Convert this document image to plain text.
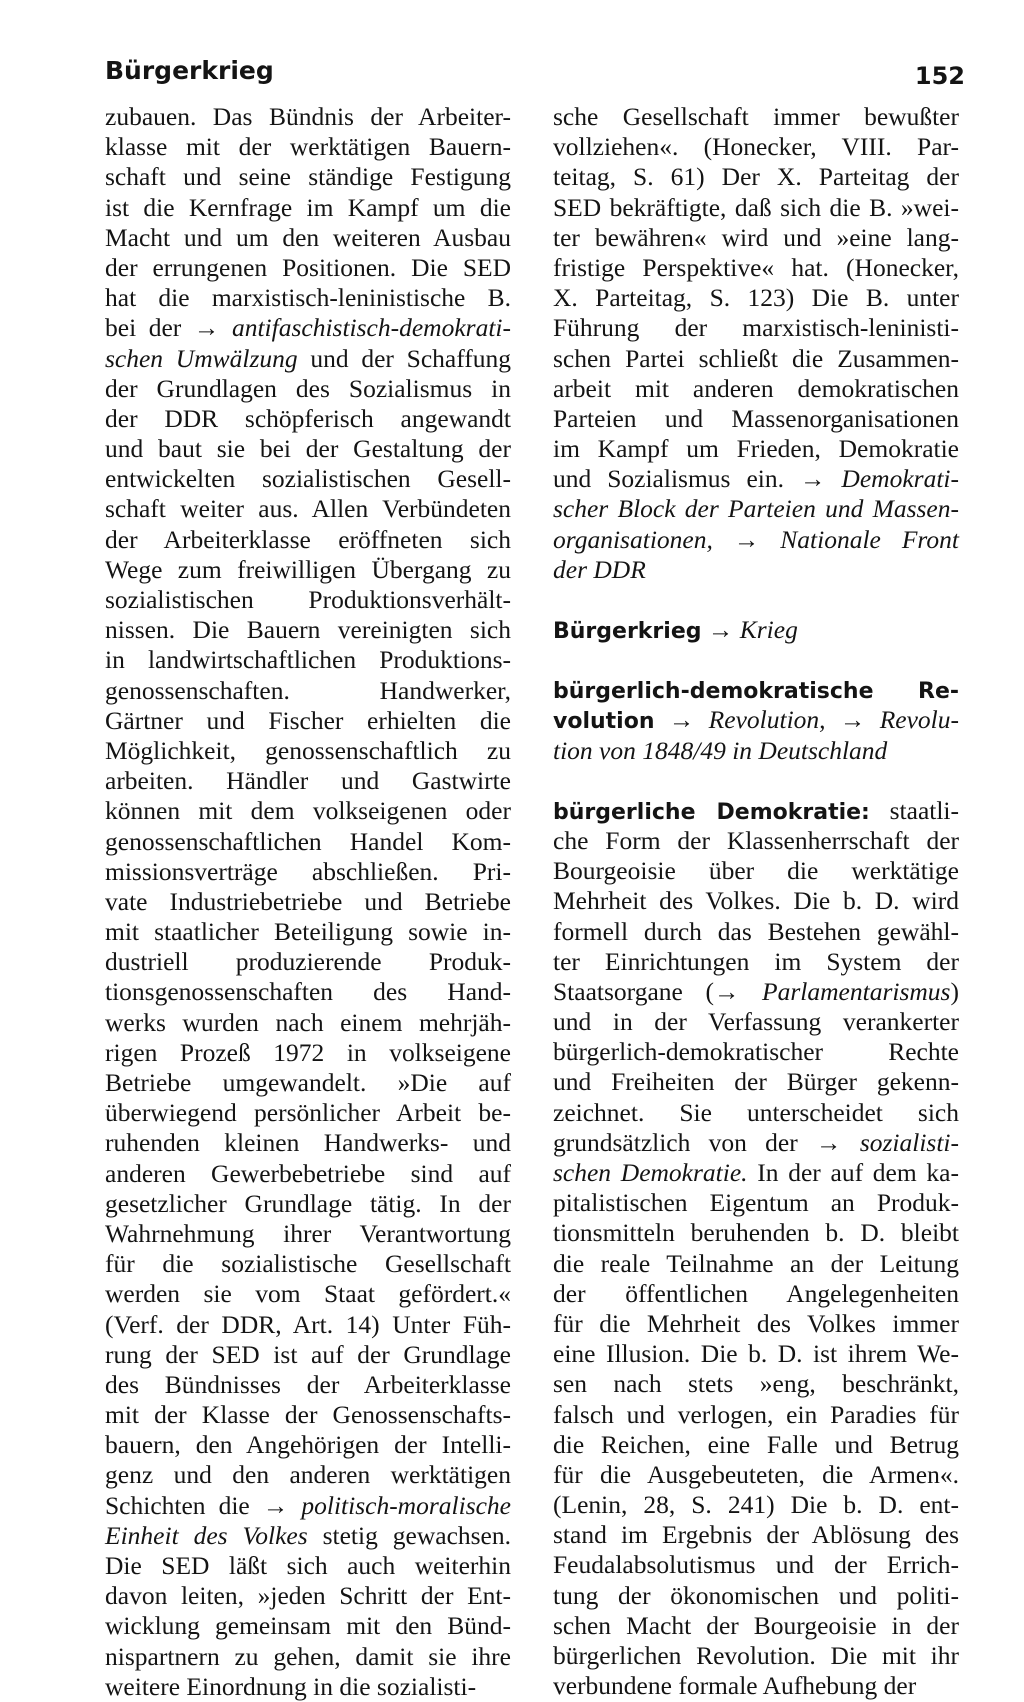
Bürgerkrieg	152
zubauen. Das Bündnis der Arbeiter-
klasse mit der werktätigen Bauern-
schaft und seine ständige Festigung
ist die Kernfrage im Kampf um die
Macht und um den weiteren Ausbau
der errungenen Positionen. Die SED
hat die marxistisch-leninistische B.
bei der → antifaschistisch-demokrati-
schen Umwälzung und der Schaffung
der Grundlagen des Sozialismus in
der DDR schöpferisch angewandt
und baut sie bei der Gestaltung der
entwickelten sozialistischen Gesell-
schaft weiter aus. Allen Verbündeten
der Arbeiterklasse eröffneten sich
Wege zum freiwilligen Übergang zu
sozialistischen Produktionsverhält-
nissen. Die Bauern vereinigten sich
in landwirtschaftlichen Produktions-
genossenschaften. Handwerker,
Gärtner und Fischer erhielten die
Möglichkeit, genossenschaftlich zu
arbeiten. Händler und Gastwirte
können mit dem volkseigenen oder
genossenschaftlichen Handel Kom-
missionsverträge abschließen. Pri-
vate Industriebetriebe und Betriebe
mit staatlicher Beteiligung sowie in-
dustriell produzierende Produk-
tionsgenossenschaften des Hand-
werks wurden nach einem mehrjäh-
rigen Prozeß 1972 in volkseigene
Betriebe umgewandelt. »Die auf
überwiegend persönlicher Arbeit be-
ruhenden kleinen Handwerks- und
anderen Gewerbebetriebe sind auf
gesetzlicher Grundlage tätig. In der
Wahrnehmung ihrer Verantwortung
für die sozialistische Gesellschaft
werden sie vom Staat gefördert.«
(Verf. der DDR, Art. 14) Unter Füh-
rung der SED ist auf der Grundlage
des Bündnisses der Arbeiterklasse
mit der Klasse der Genossenschafts-
bauern, den Angehörigen der Intelli-
genz und den anderen werktätigen
Schichten die → politisch-moralische
Einheit des Volkes stetig gewachsen.
Die SED läßt sich auch weiterhin
davon leiten, »jeden Schritt der Ent-
wicklung gemeinsam mit den Bünd-
nispartnern zu gehen, damit sie ihre
weitere Einordnung in die sozialisti-
sche Gesellschaft immer bewußter
vollziehen«. (Honecker, VIII. Par-
teitag, S. 61) Der X. Parteitag der
SED bekräftigte, daß sich die B. »wei-
ter bewähren« wird und »eine lang-
fristige Perspektive« hat. (Honecker,
X. Parteitag, S. 123) Die B. unter
Führung der marxistisch-leninisti-
schen Partei schließt die Zusammen-
arbeit mit anderen demokratischen
Parteien und Massenorganisationen
im Kampf um Frieden, Demokratie
und Sozialismus ein. → Demokrati-
scher Block der Parteien und Massen-
organisationen, → Nationale Front
der DDR
Bürgerkrieg → Krieg
bürgerlich-demokratische Re-
volution → Revolution, → Revolu-
tion von 1848/49 in Deutschland
bürgerliche Demokratie: staatli-
che Form der Klassenherrschaft der
Bourgeoisie über die werktätige
Mehrheit des Volkes. Die b. D. wird
formell durch das Bestehen gewähl-
ter Einrichtungen im System der
Staatsorgane (→ Parlamentarismus)
und in der Verfassung verankerter
bürgerlich-demokratischer Rechte
und Freiheiten der Bürger gekenn-
zeichnet. Sie unterscheidet sich
grundsätzlich von der → sozialisti-
schen Demokratie. In der auf dem ka-
pitalistischen Eigentum an Produk-
tionsmitteln beruhenden b. D. bleibt
die reale Teilnahme an der Leitung
der öffentlichen Angelegenheiten
für die Mehrheit des Volkes immer
eine Illusion. Die b. D. ist ihrem We-
sen nach stets »eng, beschränkt,
falsch und verlogen, ein Paradies für
die Reichen, eine Falle und Betrug
für die Ausgebeuteten, die Armen«.
(Lenin, 28, S. 241) Die b. D. ent-
stand im Ergebnis der Ablösung des
Feudalabsolutismus und der Errich-
tung der ökonomischen und politi-
schen Macht der Bourgeoisie in der
bürgerlichen Revolution. Die mit ihr
verbundene formale Aufhebung der
